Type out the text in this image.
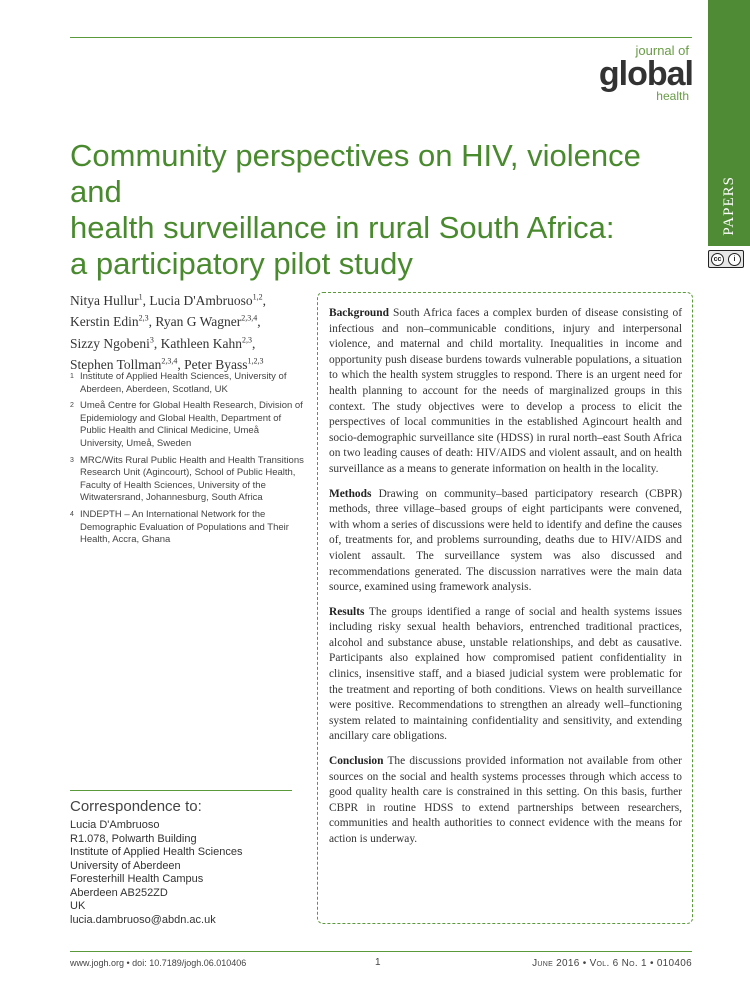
PAPERS
cc	i
journal of
global
health
Community perspectives on HIV, violence and
health surveillance in rural South Africa:
a participatory pilot study
Nitya Hullur$^1$, Lucia D'Ambruoso$^{1,2}$,
Kerstin Edin$^{2,3}$, Ryan G Wagner$^{2,3,4}$,
Sizzy Ngobeni$^3$, Kathleen Kahn$^{2,3}$,
Stephen Tollman$^{2,3,4}$, Peter Byass$^{1,2,3}$
1 Institute of Applied Health Sciences, University of Aberdeen, Aberdeen, Scotland, UK
2 Umeå Centre for Global Health Research, Division of Epidemiology and Global Health, Department of Public Health and Clinical Medicine, Umeå University, Umeå, Sweden
3 MRC/Wits Rural Public Health and Health Transitions Research Unit (Agincourt), School of Public Health, Faculty of Health Sciences, University of the Witwatersrand, Johannesburg, South Africa
4 INDEPTH – An International Network for the Demographic Evaluation of Populations and Their Health, Accra, Ghana
Correspondence to:
Lucia D'Ambruoso
R1.078, Polwarth Building
Institute of Applied Health Sciences
University of Aberdeen
Foresterhill Health Campus
Aberdeen AB252ZD
UK
lucia.dambruoso@abdn.ac.uk

Background South Africa faces a complex burden of disease consisting of infectious and non–communicable conditions, injury and interpersonal violence, and maternal and child mortality. Inequalities in income and opportunity push disease burdens towards vulnerable populations, a situation to which the health system struggles to respond. There is an urgent need for health planning to account for the needs of marginalized groups in this context. The study objectives were to develop a process to elicit the perspectives of local communities in the established Agincourt health and socio-demographic surveillance site (HDSS) in rural north–east South Africa on two leading causes of death: HIV/AIDS and violent assault, and on health surveillance as a means to generate information on health in the locality.

Methods Drawing on community–based participatory research (CBPR) methods, three village–based groups of eight participants were convened, with whom a series of discussions were held to identify and define the causes of, treatments for, and problems surrounding, deaths due to HIV/AIDS and violent assault. The surveillance system was also discussed and recommendations generated. The discussion narratives were the main data source, examined using framework analysis.

Results The groups identified a range of social and health systems issues including risky sexual health behaviors, entrenched traditional practices, alcohol and substance abuse, unstable relationships, and debt as causative. Participants also explained how compromised patient confidentiality in clinics, insensitive staff, and a biased judicial system were problematic for the treatment and reporting of both conditions. Views on health surveillance were positive. Recommendations to strengthen an already well–functioning system related to maintaining confidentiality and sensitivity, and extending ancillary care obligations.

Conclusion The discussions provided information not available from other sources on the social and health systems processes through which access to good quality health care is constrained in this setting. On this basis, further CBPR in routine HDSS to extend partnerships between researchers, communities and health authorities to connect evidence with the means for action is underway.

www.jogh.org • doi: 10.7189/jogh.06.010406	1	June 2016 • Vol. 6 No. 1 • 010406
